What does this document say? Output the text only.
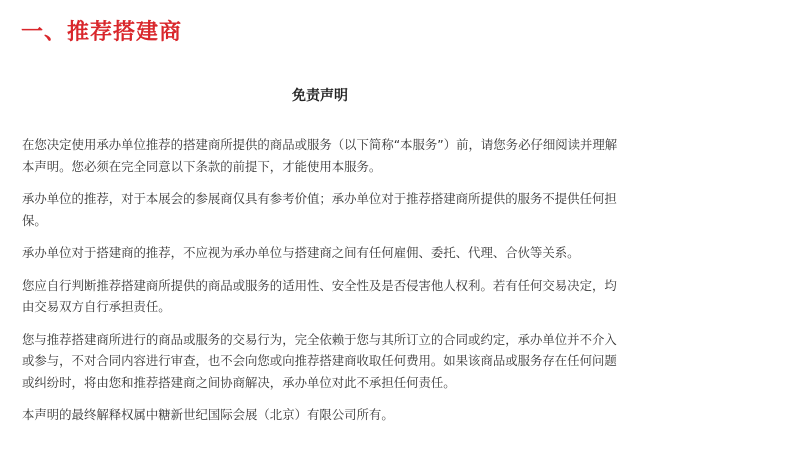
一、推荐搭建商
免责声明

在您决定使用承办单位推荐的搭建商所提供的商品或服务（以下简称“本服务”）前，请您务必仔细阅读并理解本声明。您必须在完全同意以下条款的前提下，才能使用本服务。

承办单位的推荐，对于本展会的参展商仅具有参考价值；承办单位对于推荐搭建商所提供的服务不提供任何担保。

承办单位对于搭建商的推荐，不应视为承办单位与搭建商之间有任何雇佣、委托、代理、合伙等关系。

您应自行判断推荐搭建商所提供的商品或服务的适用性、安全性及是否侵害他人权利。若有任何交易决定，均由交易双方自行承担责任。

您与推荐搭建商所进行的商品或服务的交易行为，完全依赖于您与其所订立的合同或约定，承办单位并不介入或参与，不对合同内容进行审查，也不会向您或向推荐搭建商收取任何费用。如果该商品或服务存在任何问题或纠纷时，将由您和推荐搭建商之间协商解决，承办单位对此不承担任何责任。

本声明的最终解释权属中糖新世纪国际会展（北京）有限公司所有。
